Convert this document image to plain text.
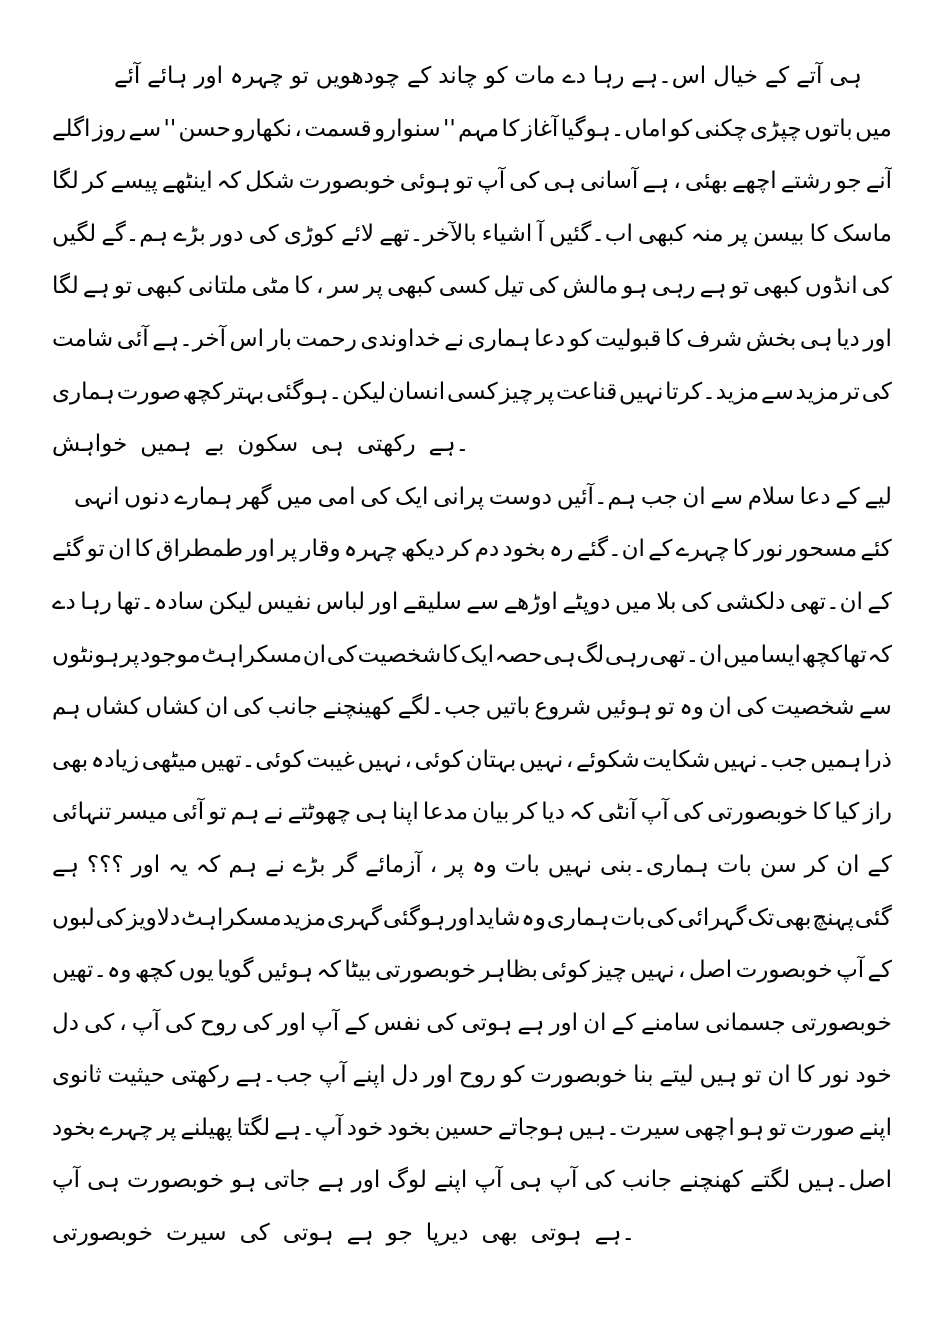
آئے ہائے اور چہرہ تو چودھویں کے چاند کو مات دے رہا ہے۔اس خیال کے آتے ہی
اگلے روز سے '' حسن نکھارو ، قسمت سنوارو '' مہم کا آغاز ہوگیا۔اماں کو چکنی چپڑی باتوں میں
لگا کر پیسے اینٹھے کہ شکل خوبصورت ہوئی تو آپ کی ہی آسانی ہے ، بھئی اچھے رشتے جو آنے
لگیں گے۔ہم بڑے دور کی کوڑی لائے تھے۔بالآخر اشیاء آ گئیں۔اب کبھی منہ پر بیسن کا ماسک
لگا ہے تو کبھی ملتانی مٹی کا ، سر پر کبھی کسی تیل کی مالش ہو رہی ہے تو کبھی انڈوں کی
شامت آئی ہے۔آخر اس بار رحمت خداوندی نے ہماری دعا کو قبولیت کا شرف بخش ہی دیا اور
ہماری صورت کچھ بہتر ہوگئی۔لیکن انسان کسی چیز پر قناعت نہیں کرتا۔مزید سے مزید تر کی
خواہش ہمیں بے سکون ہی رکھتی ہے۔
انہی دنوں ہمارے گھر میں امی کی ایک پرانی دوست آئیں۔ہم جب ان سے سلام دعا کے لیے
گئے تو ان کا طمطراق اور پر وقار چہرہ دیکھ کر دم بخود رہ گئے۔ان کے چہرے کا نور مسحور کئے
دے رہا تھا۔سادہ لیکن نفیس لباس اور سلیقے سے اوڑھے دوپٹے میں بلا کی دلکشی تھی۔ان کے
ہونٹوں پر موجود مسکراہٹ ان کی شخصیت کا ایک حصہ ہی لگ رہی تھی۔ان میں ایسا کچھ تھا کہ
ہم کشاں کشاں ان کی جانب کھینچنے لگے۔جب باتیں شروع ہوئیں تو وہ ان کی شخصیت سے
بھی زیادہ میٹھی تھیں۔کوئی غیبت نہیں ، کوئی بہتان نہیں ، شکوئے شکایت نہیں۔جب ہمیں ذرا
تنہائی میسر آئی تو ہم نے چھوٹتے ہی اپنا مدعا بیان کر دیا کہ آنٹی آپ کی خوبصورتی کا کیا راز
ہے ؟؟؟ اور یہ کہ ہم نے بڑے گر آزمائے ، پر وہ بات نہیں بنی۔ہماری بات سن کر ان کے
لبوں کی دلاویز مسکراہٹ مزید گہری ہوگئی اور شاید وہ ہماری بات کی گہرائی تک بھی پہنچ گئی
تھیں۔وہ کچھ یوں گویا ہوئیں کہ بیٹا خوبصورتی بظاہر کوئی چیز نہیں ، اصل خوبصورت آپ کے
دل کی ، آپ کی روح کی اور آپ کے نفس کی ہوتی ہے اور ان کے سامنے جسمانی خوبصورتی
ثانوی حیثیت رکھتی ہے۔جب آپ اپنے دل اور روح کو خوبصورت بنا لیتے ہیں تو ان کا نور خود
بخود چہرے پر پھیلنے لگتا ہے۔آپ خود بخود حسین ہوجاتے ہیں۔سیرت اچھی ہو تو صورت اپنے
آپ ہی خوبصورت ہو جاتی ہے اور لوگ اپنے آپ ہی آپ کی جانب کھنچنے لگتے ہیں۔اصل
خوبصورتی سیرت کی ہوتی ہے جو دیرپا بھی ہوتی ہے۔
